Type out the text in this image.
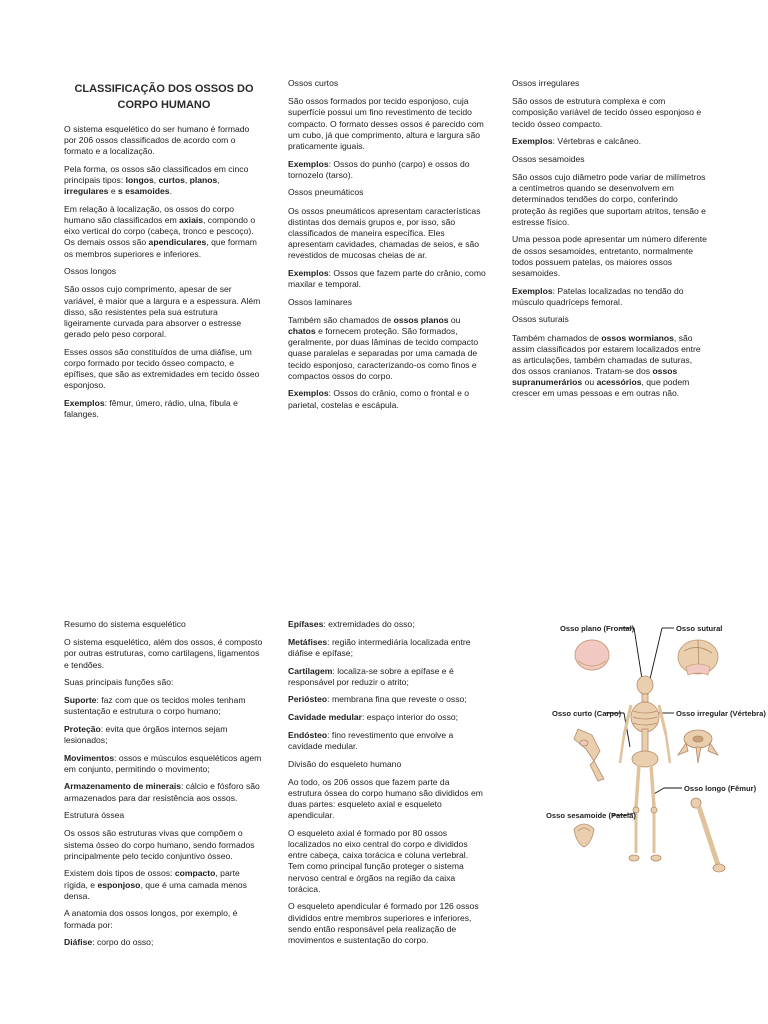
CLASSIFICAÇÃO DOS OSSOS DO
CORPO HUMANO

O sistema esquelético do ser humano é formado por 206 ossos classificados de acordo com o formato e a localização.

Pela forma, os ossos são classificados em cinco principais tipos: longos, curtos, planos, irregulares e s esamoides.

Em relação à localização, os ossos do corpo humano são classificados em axiais, compondo o eixo vertical do corpo (cabeça, tronco e pescoço). Os demais ossos são apendiculares, que formam os membros superiores e inferiores.

Ossos longos

São ossos cujo comprimento, apesar de ser variável, é maior que a largura e a espessura. Além disso, são resistentes pela sua estrutura ligeiramente curvada para absorver o estresse gerado pelo peso corporal.

Esses ossos são constituídos de uma diáfise, um corpo formado por tecido ósseo compacto, e epífises, que são as extremidades em tecido ósseo esponjoso.

Exemplos: fêmur, úmero, rádio, ulna, fíbula e falanges.

Ossos curtos

São ossos formados por tecido esponjoso, cuja superfície possui um fino revestimento de tecido compacto. O formato desses ossos é parecido com um cubo, já que comprimento, altura e largura são praticamente iguais.

Exemplos: Ossos do punho (carpo) e ossos do tornozelo (tarso).

Ossos pneumáticos

Os ossos pneumáticos apresentam características distintas dos demais grupos e, por isso, são classificados de maneira específica. Eles apresentam cavidades, chamadas de seios, e são revestidos de mucosas cheias de ar.

Exemplos: Ossos que fazem parte do crânio, como maxilar e temporal.

Ossos laminares

Também são chamados de ossos planos ou chatos e fornecem proteção. São formados, geralmente, por duas lâminas de tecido compacto quase paralelas e separadas por uma camada de tecido esponjoso, caracterizando-os como finos e compactos ossos do corpo.

Exemplos: Ossos do crânio, como o frontal e o parietal, costelas e escápula.

Ossos irregulares

São ossos de estrutura complexa e com composição variável de tecido ósseo esponjoso e tecido ósseo compacto.

Exemplos: Vértebras e calcâneo.

Ossos sesamoides

São ossos cujo diâmetro pode variar de milímetros a centímetros quando se desenvolvem em determinados tendões do corpo, conferindo proteção às regiões que suportam atritos, tensão e estresse físico.

Uma pessoa pode apresentar um número diferente de ossos sesamoides, entretanto, normalmente todos possuem patelas, os maiores ossos sesamoides.

Exemplos: Patelas localizadas no tendão do músculo quadríceps femoral.

Ossos suturais

Também chamados de ossos wormianos, são assim classificados por estarem localizados entre as articulações, também chamadas de suturas, dos ossos cranianos. Tratam-se dos ossos supranumerários ou acessórios, que podem crescer em umas pessoas e em outras não.

Resumo do sistema esquelético

O sistema esquelético, além dos ossos, é composto por outras estruturas, como cartilagens, ligamentos e tendões.

Suas principais funções são:

Suporte: faz com que os tecidos moles tenham sustentação e estrutura o corpo humano;

Proteção: evita que órgãos internos sejam lesionados;

Movimentos: ossos e músculos esqueléticos agem em conjunto, permitindo o movimento;

Armazenamento de minerais: cálcio e fósforo são armazenados para dar resistência aos ossos.

Estrutura óssea

Os ossos são estruturas vivas que compõem o sistema ósseo do corpo humano, sendo formados principalmente pelo tecido conjuntivo ósseo.

Existem dois tipos de ossos: compacto, parte rígida, e esponjoso, que é uma camada menos densa.

A anatomia dos ossos longos, por exemplo, é formada por:

Diáfise: corpo do osso;

Epífases: extremidades do osso;

Metáfises: região intermediária localizada entre diáfise e epífase;

Cartilagem: localiza-se sobre a epífase e é responsável por reduzir o atrito;

Periósteo: membrana fina que reveste o osso;

Cavidade medular: espaço interior do osso;

Endósteo: fino revestimento que envolve a cavidade medular.

Divisão do esqueleto humano

Ao todo, os 206 ossos que fazem parte da estrutura óssea do corpo humano são divididos em duas partes: esqueleto axial e esqueleto apendicular.

O esqueleto axial é formado por 80 ossos localizados no eixo central do corpo e divididos entre cabeça, caixa torácica e coluna vertebral. Tem como principal função proteger o sistema nervoso central e órgãos na região da caixa torácica.

O esqueleto apendicular é formado por 126 ossos divididos entre membros superiores e inferiores, sendo então responsável pela realização de movimentos e sustentação do corpo.

Osso plano (Frontal)	Osso sutural
Osso curto (Carpo)	Osso irregular (Vértebra)
Osso longo (Fêmur)
Osso sesamoide (Patela)
